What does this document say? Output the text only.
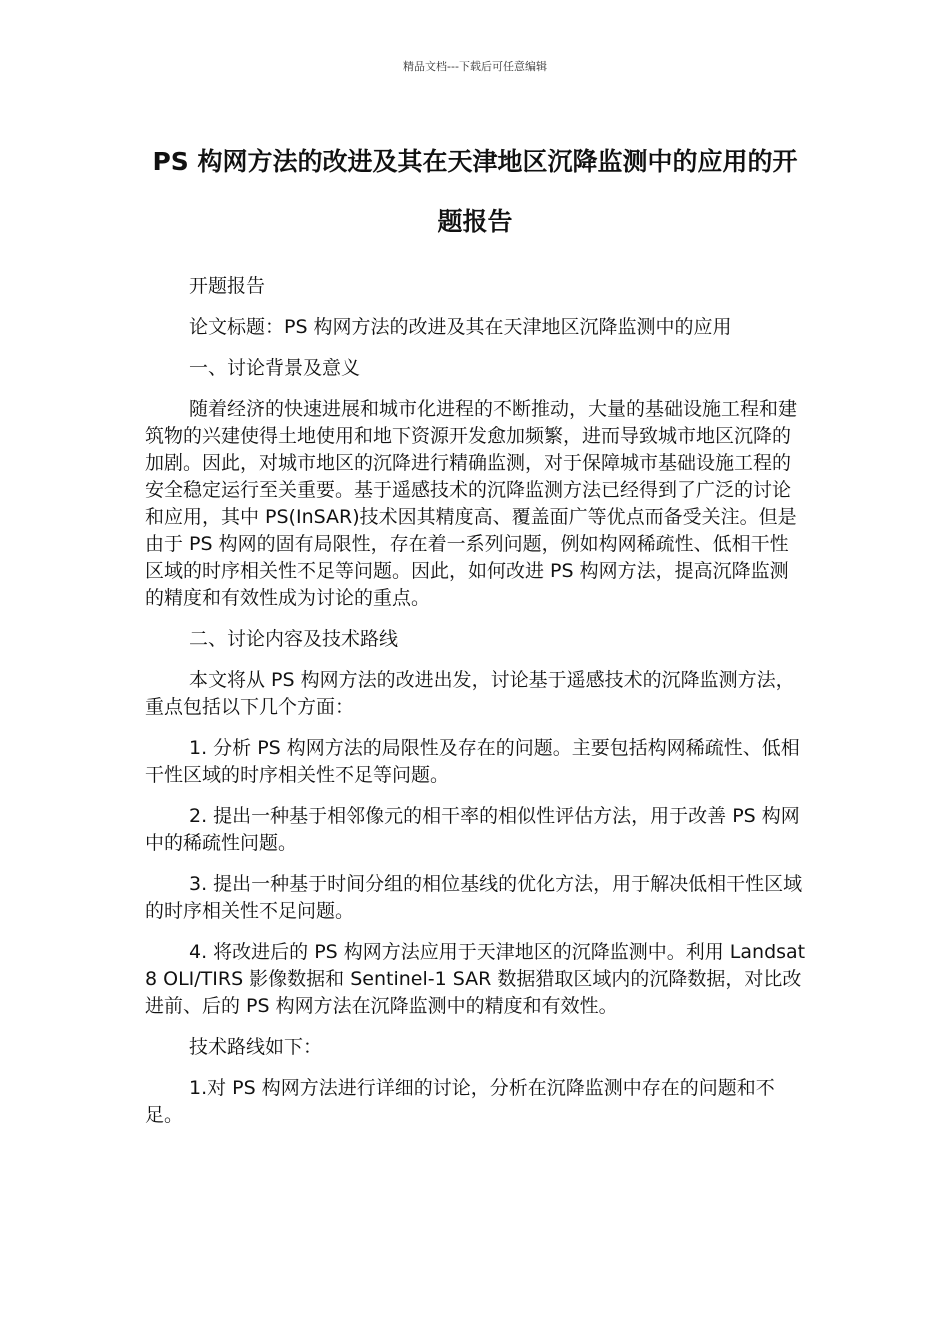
精品文档---下载后可任意编辑
PS 构网方法的改进及其在天津地区沉降监测中的应用的开题报告

开题报告

论文标题：PS 构网方法的改进及其在天津地区沉降监测中的应用

一、讨论背景及意义

随着经济的快速进展和城市化进程的不断推动，大量的基础设施工程和建筑物的兴建使得土地使用和地下资源开发愈加频繁，进而导致城市地区沉降的加剧。因此，对城市地区的沉降进行精确监测，对于保障城市基础设施工程的安全稳定运行至关重要。基于遥感技术的沉降监测方法已经得到了广泛的讨论和应用，其中 PS(InSAR)技术因其精度高、覆盖面广等优点而备受关注。但是由于 PS 构网的固有局限性，存在着一系列问题，例如构网稀疏性、低相干性区域的时序相关性不足等问题。因此，如何改进 PS 构网方法，提高沉降监测的精度和有效性成为讨论的重点。

二、讨论内容及技术路线

本文将从 PS 构网方法的改进出发，讨论基于遥感技术的沉降监测方法，重点包括以下几个方面：

1. 分析 PS 构网方法的局限性及存在的问题。主要包括构网稀疏性、低相干性区域的时序相关性不足等问题。

2. 提出一种基于相邻像元的相干率的相似性评估方法，用于改善 PS 构网中的稀疏性问题。

3. 提出一种基于时间分组的相位基线的优化方法，用于解决低相干性区域的时序相关性不足问题。

4. 将改进后的 PS 构网方法应用于天津地区的沉降监测中。利用 Landsat 8 OLI/TIRS 影像数据和 Sentinel-1 SAR 数据猎取区域内的沉降数据，对比改进前、后的 PS 构网方法在沉降监测中的精度和有效性。

技术路线如下：

1.对 PS 构网方法进行详细的讨论，分析在沉降监测中存在的问题和不足。
